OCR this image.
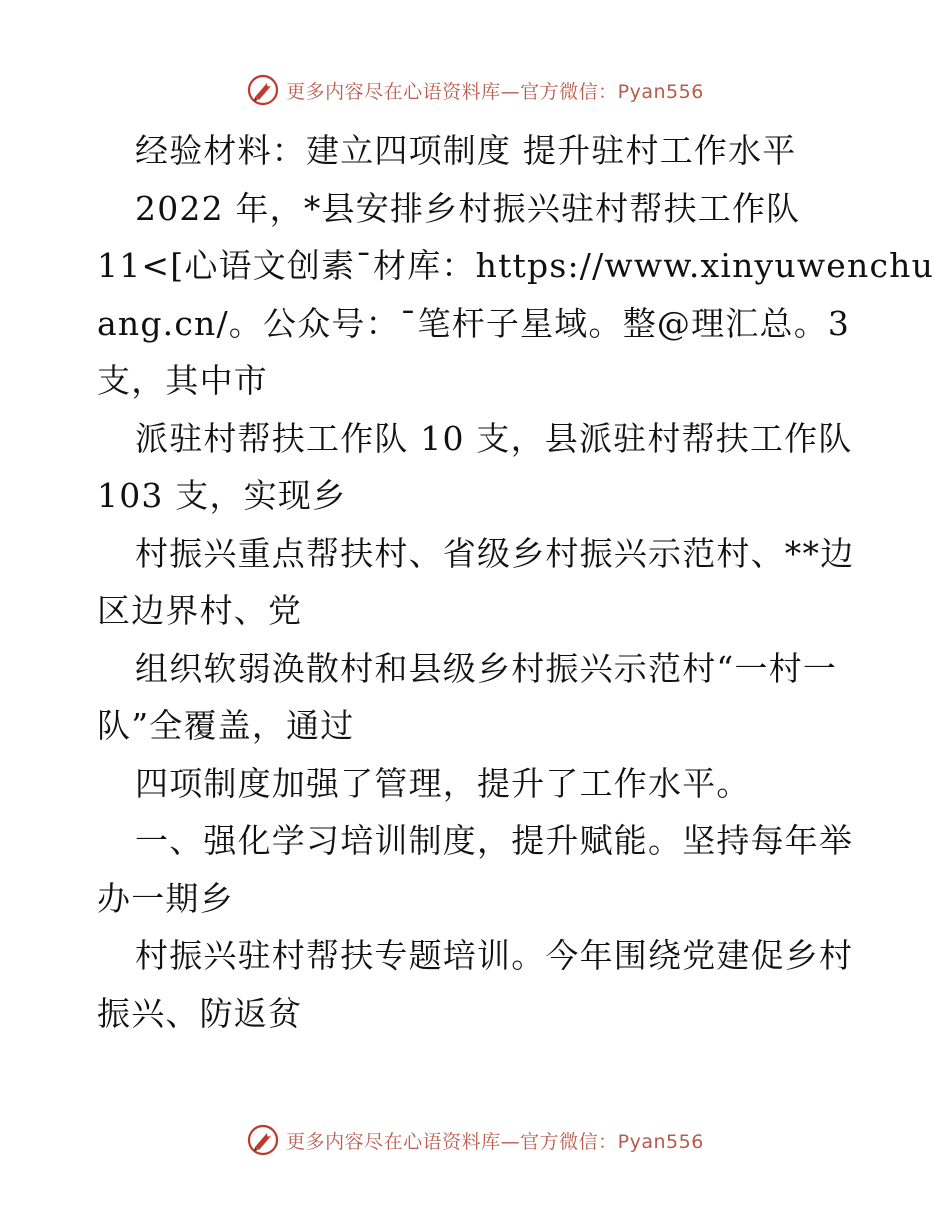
更多内容尽在心语资料库—官方微信：Pyan556
经验材料：建立四项制度 提升驻村工作水平
2022 年，*县安排乡村振兴驻村帮扶工作队
11<[心语文创素¯材库：https://www.xinyuwenchu
ang.cn/。公众号：¯笔杆子星域。整@理汇总。3
支，其中市
派驻村帮扶工作队 10 支，县派驻村帮扶工作队
103 支，实现乡
村振兴重点帮扶村、省级乡村振兴示范村、**边
区边界村、党
组织软弱涣散村和县级乡村振兴示范村“一村一
队”全覆盖，通过
四项制度加强了管理，提升了工作水平。
一、强化学习培训制度，提升赋能。坚持每年举
办一期乡
村振兴驻村帮扶专题培训。今年围绕党建促乡村
振兴、防返贫
更多内容尽在心语资料库—官方微信：Pyan556
